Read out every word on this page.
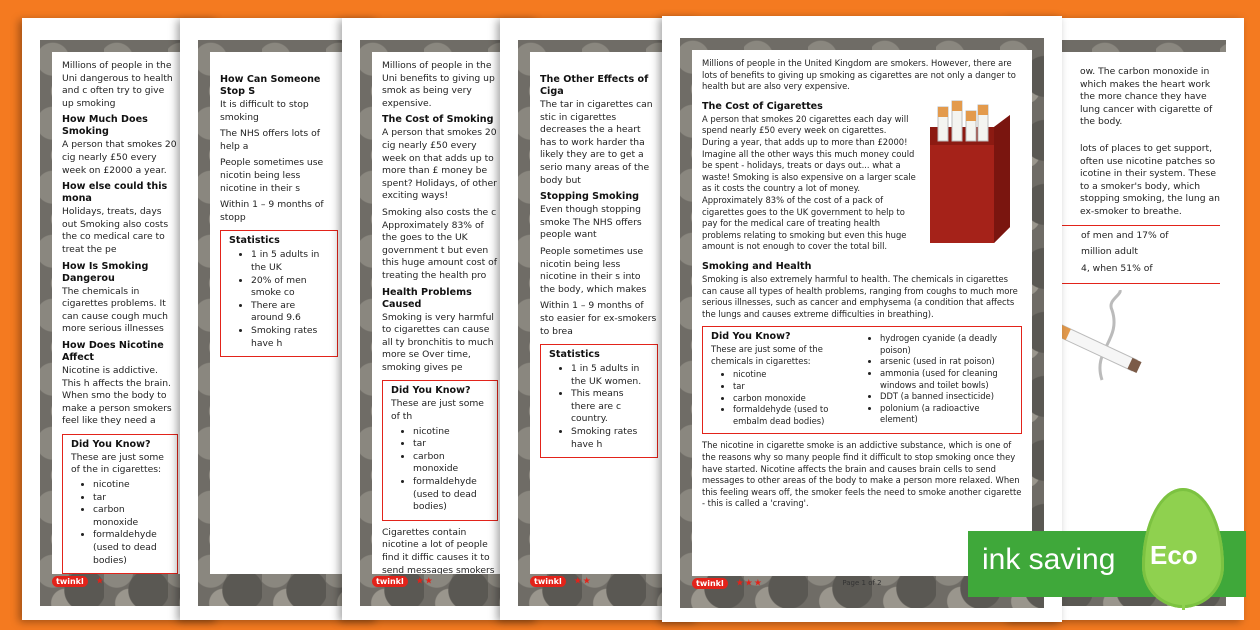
ow. The carbon monoxide in which makes the heart work the more chance they have lung cancer with cigarette of the body.

lots of places to get support, often use nicotine patches so icotine in their system. These to a smoker's body, which stopping smoking, the lung an ex-smoker to breathe.

of men and 17% of

million adult

4, when 51% of

Millions of people in the Uni dangerous to health and c often try to give up smoking

How Much Does Smoking

A person that smokes 20 cig nearly £50 every week on £2000 a year.

How else could this mona

Holidays, treats, days out Smoking also costs the co medical care to treat the pe

How Is Smoking Dangerou

The chemicals in cigarettes problems. It can cause cough much more serious illnesses

How Does Nicotine Affect

Nicotine is addictive. This h affects the brain. When smo the body to make a person smokers feel like they need a

Did You Know?
These are just some of the in cigarettes:
• nicotine
• tar
• carbon monoxide
• formaldehyde (used to dead bodies)

twinkl ★
How Can Someone Stop S

It is difficult to stop smoking

The NHS offers lots of help a

People sometimes use nicotin being less nicotine in their s

Within 1 – 9 months of stopp

Statistics
• 1 in 5 adults in the UK
• 20% of men smoke co
• There are around 9.6
• Smoking rates have h

Millions of people in the Uni benefits to giving up smok as being very expensive.

The Cost of Smoking

A person that smokes 20 cig nearly £50 every week on that adds up to more than £ money be spent? Holidays, of other exciting ways!

Smoking also costs the c Approximately 83% of the goes to the UK government t but even this huge amount cost of treating the health pro

Health Problems Caused

Smoking is very harmful to cigarettes can cause all ty bronchitis to much more se Over time, smoking gives pe

Did You Know?
These are just some of th
• nicotine
• tar
• carbon monoxide
• formaldehyde (used to dead bodies)

Cigarettes contain nicotine a lot of people find it diffic causes it to send messages smokers

twinkl ★★
The Other Effects of Ciga

The tar in cigarettes can stic in cigarettes decreases the a heart has to work harder tha likely they are to get a serio many areas of the body but

Stopping Smoking

Even though stopping smoke The NHS offers people want

People sometimes use nicotin being less nicotine in their s into the body, which makes

Within 1 – 9 months of sto easier for ex-smokers to brea

Statistics
• 1 in 5 adults in the UK women.
• This means there are c country.
• Smoking rates have h
twinkl ★★

Millions of people in the United Kingdom are smokers. However, there are lots of benefits to giving up smoking as cigarettes are not only a danger to health but are also very expensive.

The Cost of Cigarettes

A person that smokes 20 cigarettes each day will spend nearly £50 every week on cigarettes. During a year, that adds up to more than £2000! Imagine all the other ways this much money could be spent - holidays, treats or days out... what a waste! Smoking is also expensive on a larger scale as it costs the country a lot of money. Approximately 83% of the cost of a pack of cigarettes goes to the UK government to help to pay for the medical care of treating health problems relating to smoking but even this huge amount is not enough to cover the total bill.

Smoking and Health

Smoking is also extremely harmful to health. The chemicals in cigarettes can cause all types of health problems, ranging from coughs to much more serious illnesses, such as cancer and emphysema (a condition that affects the lungs and causes extreme difficulties in breathing).

Did You Know?
These are just some of the chemicals in cigarettes:
• nicotine
• tar
• carbon monoxide
• formaldehyde (used to embalm dead bodies)
• hydrogen cyanide (a deadly poison)
• arsenic (used in rat poison)
• ammonia (used for cleaning windows and toilet bowls)
• DDT (a banned insecticide)
• polonium (a radioactive element)

The nicotine in cigarette smoke is an addictive substance, which is one of the reasons why so many people find it difficult to stop smoking once they have started. Nicotine affects the brain and causes brain cells to send messages to other areas of the body to make a person more relaxed. When this feeling wears off, the smoker feels the need to smoke another cigarette - this is called a 'craving'.

twinkl ★★★	Page 1 of 2
ink saving Eco
